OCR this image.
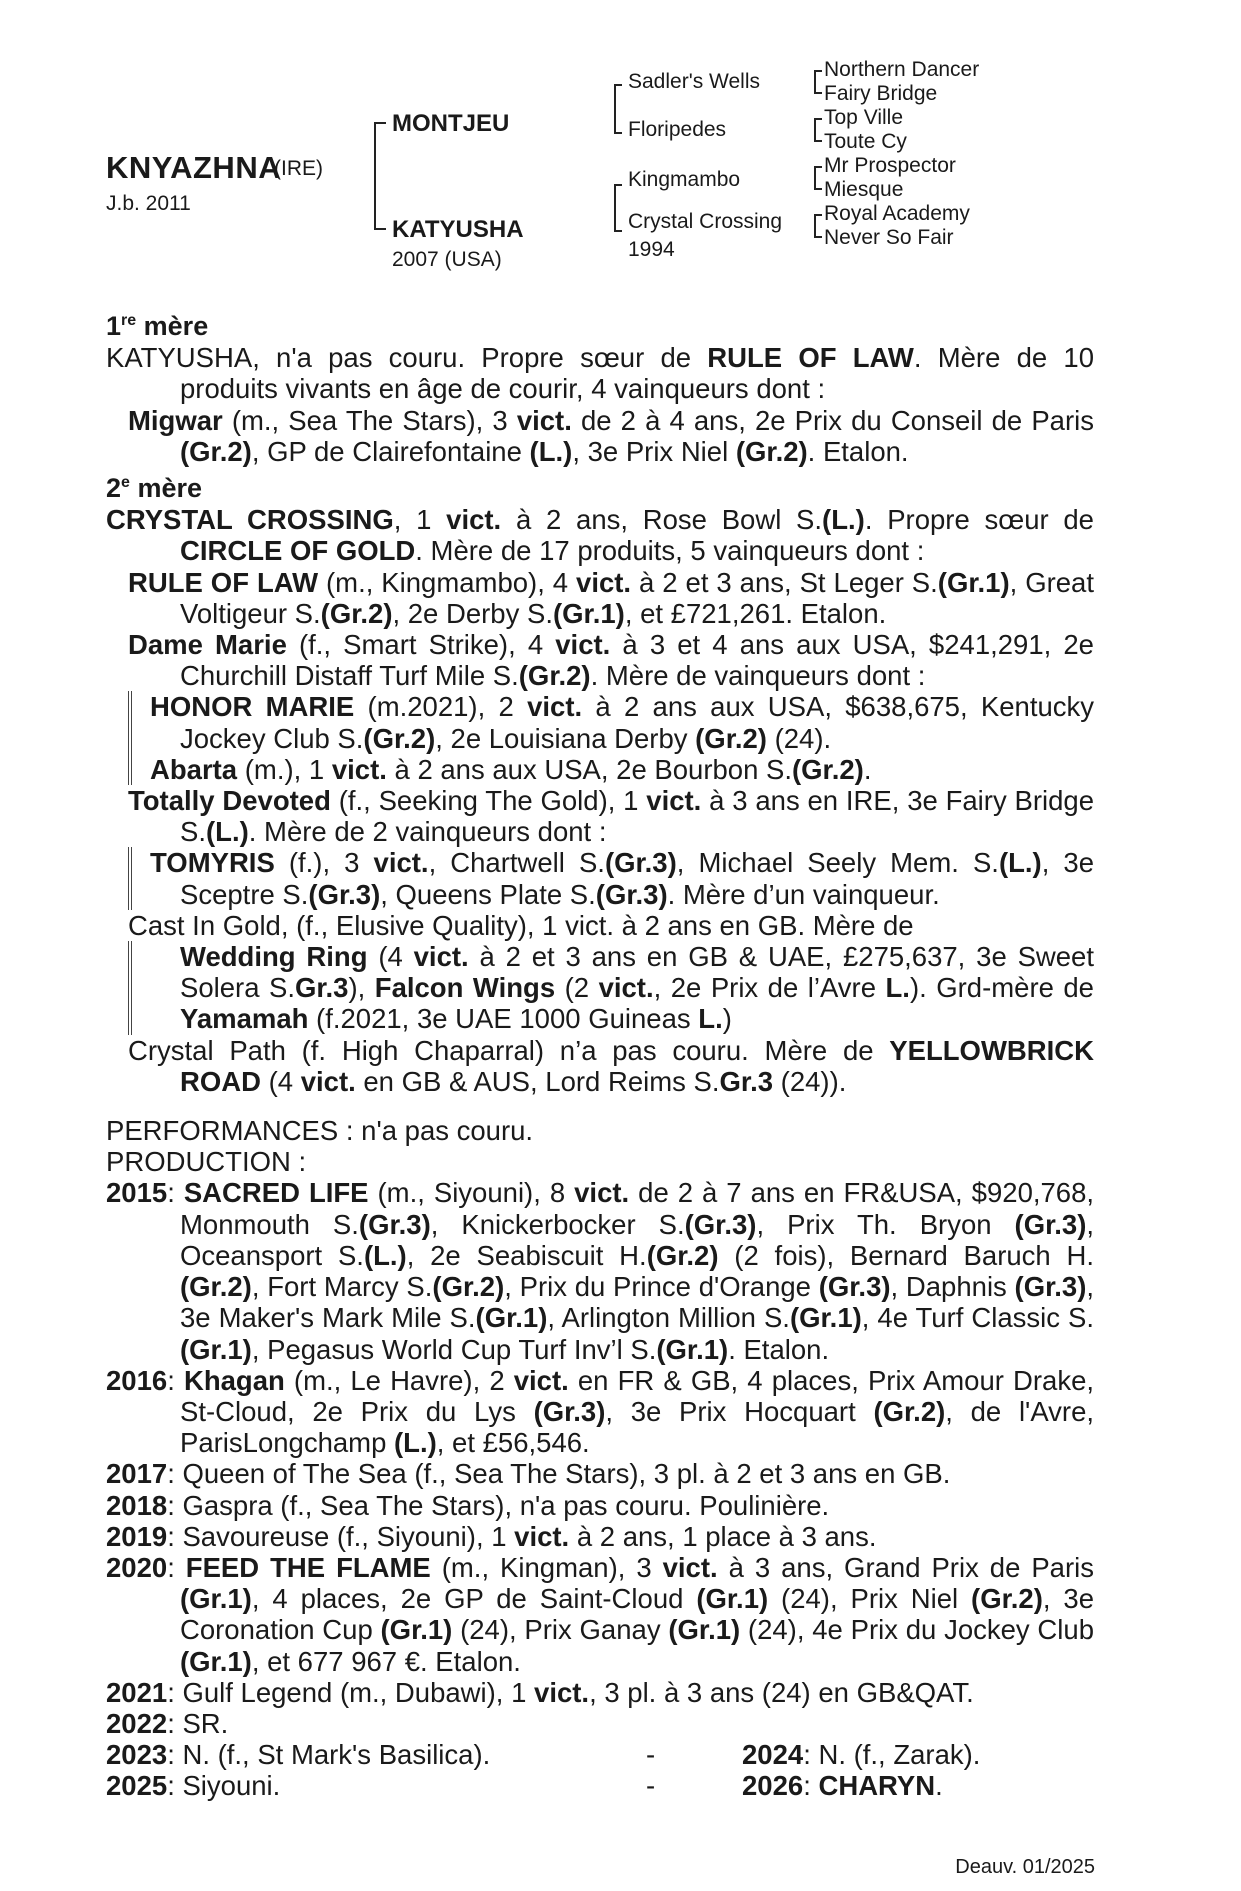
KNYAZHNA
(IRE)
J.b. 2011
MONTJEU
KATYUSHA
2007 (USA)
Sadler's Wells
Floripedes
Kingmambo
Crystal Crossing
1994
Northern Dancer
Fairy Bridge
Top Ville
Toute Cy
Mr Prospector
Miesque
Royal Academy
Never So Fair
1re mère
KATYUSHA, n'a pas couru. Propre sœur de RULE OF LAW. Mère de 10 produits vivants en âge de courir, 4 vainqueurs dont :
Migwar (m., Sea The Stars), 3 vict. de 2 à 4 ans, 2e Prix du Conseil de Paris (Gr.2), GP de Clairefontaine (L.), 3e Prix Niel (Gr.2). Etalon.
2e mère
CRYSTAL CROSSING, 1 vict. à 2 ans, Rose Bowl S.(L.). Propre sœur de CIRCLE OF GOLD. Mère de 17 produits, 5 vainqueurs dont :
RULE OF LAW (m., Kingmambo), 4 vict. à 2 et 3 ans, St Leger S.(Gr.1), Great Voltigeur S.(Gr.2), 2e Derby S.(Gr.1), et £721,261. Etalon.
Dame Marie (f., Smart Strike), 4 vict. à 3 et 4 ans aux USA, $241,291, 2e Churchill Distaff Turf Mile S.(Gr.2). Mère de vainqueurs dont :
HONOR MARIE (m.2021), 2 vict. à 2 ans aux USA, $638,675, Kentucky Jockey Club S.(Gr.2), 2e Louisiana Derby (Gr.2) (24).
Abarta (m.), 1 vict. à 2 ans aux USA, 2e Bourbon S.(Gr.2).
Totally Devoted (f., Seeking The Gold), 1 vict. à 3 ans en IRE, 3e Fairy Bridge S.(L.). Mère de 2 vainqueurs dont :
TOMYRIS (f.), 3 vict., Chartwell S.(Gr.3), Michael Seely Mem. S.(L.), 3e Sceptre S.(Gr.3), Queens Plate S.(Gr.3). Mère d’un vainqueur.
Cast In Gold, (f., Elusive Quality), 1 vict. à 2 ans en GB. Mère de
Wedding Ring (4 vict. à 2 et 3 ans en GB & UAE, £275,637, 3e Sweet Solera S.Gr.3), Falcon Wings (2 vict., 2e Prix de l’Avre L.). Grd-mère de Yamamah (f.2021, 3e UAE 1000 Guineas L.)
Crystal Path (f. High Chaparral) n’a pas couru. Mère de YELLOWBRICK ROAD (4 vict. en GB & AUS, Lord Reims S.Gr.3 (24)).
PERFORMANCES : n'a pas couru.
PRODUCTION :
2015: SACRED LIFE (m., Siyouni), 8 vict. de 2 à 7 ans en FR&USA, $920,768, Monmouth S.(Gr.3), Knickerbocker S.(Gr.3), Prix Th. Bryon (Gr.3), Oceansport S.(L.), 2e Seabiscuit H.(Gr.2) (2 fois), Bernard Baruch H.(Gr.2), Fort Marcy S.(Gr.2), Prix du Prince d'Orange (Gr.3), Daphnis (Gr.3), 3e Maker's Mark Mile S.(Gr.1), Arlington Million S.(Gr.1), 4e Turf Classic S.(Gr.1), Pegasus World Cup Turf Inv’l S.(Gr.1). Etalon.
2016: Khagan (m., Le Havre), 2 vict. en FR & GB, 4 places, Prix Amour Drake, St-Cloud, 2e Prix du Lys (Gr.3), 3e Prix Hocquart (Gr.2), de l'Avre, ParisLongchamp (L.), et £56,546.
2017: Queen of The Sea (f., Sea The Stars), 3 pl. à 2 et 3 ans en GB.
2018: Gaspra (f., Sea The Stars), n'a pas couru. Poulinière.
2019: Savoureuse (f., Siyouni), 1 vict. à 2 ans, 1 place à 3 ans.
2020: FEED THE FLAME (m., Kingman), 3 vict. à 3 ans, Grand Prix de Paris (Gr.1), 4 places, 2e GP de Saint-Cloud (Gr.1) (24), Prix Niel (Gr.2), 3e Coronation Cup (Gr.1) (24), Prix Ganay (Gr.1) (24), 4e Prix du Jockey Club (Gr.1), et 677 967 €. Etalon.
2021: Gulf Legend (m., Dubawi), 1 vict., 3 pl. à 3 ans (24) en GB&QAT.
2022: SR.
2023: N. (f., St Mark's Basilica).	-	2024: N. (f., Zarak).
2025: Siyouni.	-	2026: CHARYN.
Deauv. 01/2025
